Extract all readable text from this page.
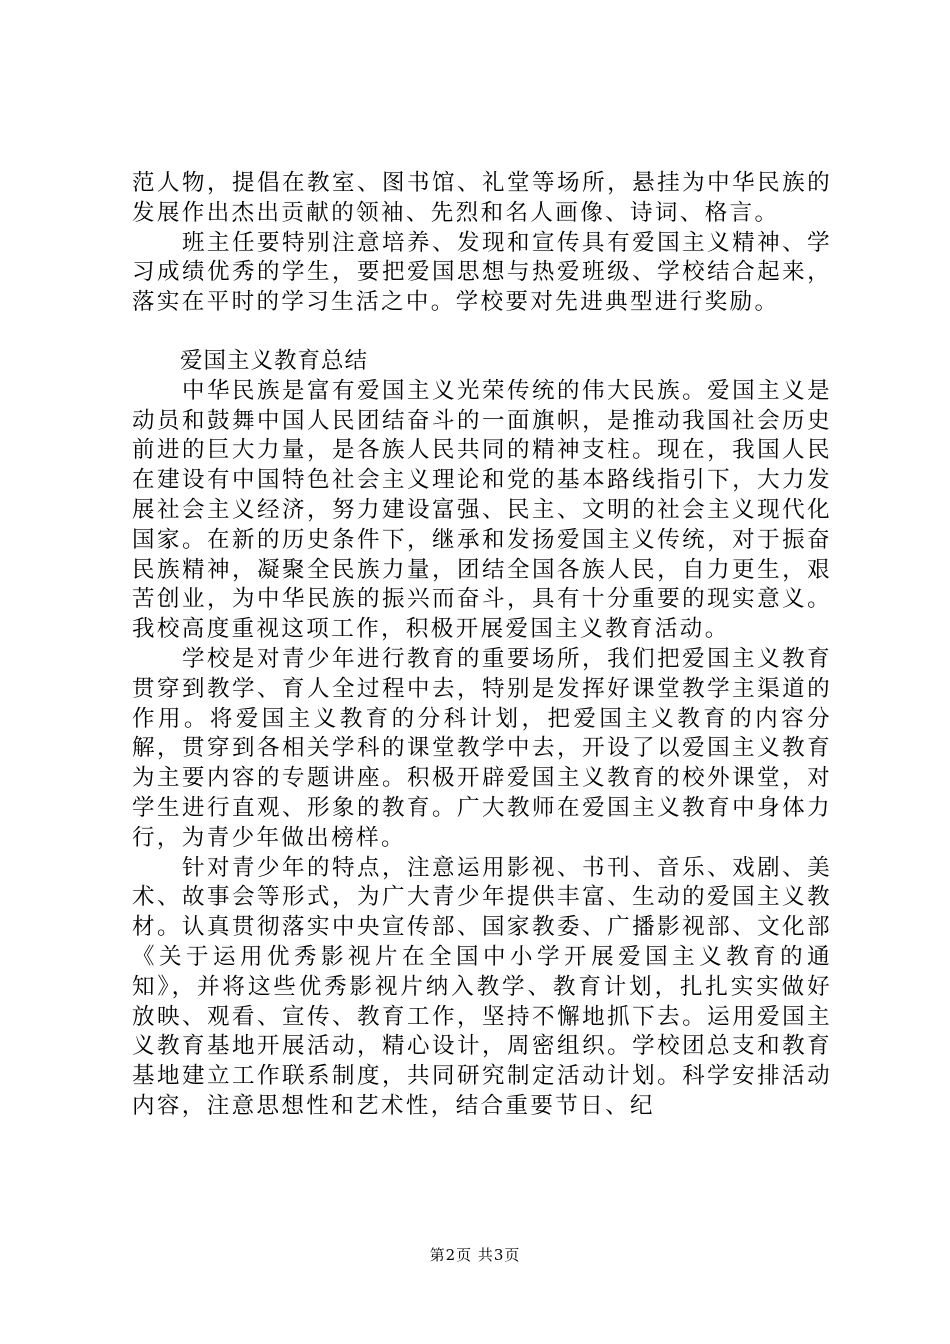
范人物，提倡在教室、图书馆、礼堂等场所，悬挂为中华民族的发展作出杰出贡献的领袖、先烈和名人画像、诗词、格言。

班主任要特别注意培养、发现和宣传具有爱国主义精神、学习成绩优秀的学生，要把爱国思想与热爱班级、学校结合起来，落实在平时的学习生活之中。学校要对先进典型进行奖励。

爱国主义教育总结

中华民族是富有爱国主义光荣传统的伟大民族。爱国主义是动员和鼓舞中国人民团结奋斗的一面旗帜，是推动我国社会历史前进的巨大力量，是各族人民共同的精神支柱。现在，我国人民在建设有中国特色社会主义理论和党的基本路线指引下，大力发展社会主义经济，努力建设富强、民主、文明的社会主义现代化国家。在新的历史条件下，继承和发扬爱国主义传统，对于振奋民族精神，凝聚全民族力量，团结全国各族人民，自力更生，艰苦创业，为中华民族的振兴而奋斗，具有十分重要的现实意义。我校高度重视这项工作，积极开展爱国主义教育活动。

学校是对青少年进行教育的重要场所，我们把爱国主义教育贯穿到教学、育人全过程中去，特别是发挥好课堂教学主渠道的作用。将爱国主义教育的分科计划，把爱国主义教育的内容分解，贯穿到各相关学科的课堂教学中去，开设了以爱国主义教育为主要内容的专题讲座。积极开辟爱国主义教育的校外课堂，对学生进行直观、形象的教育。广大教师在爱国主义教育中身体力行，为青少年做出榜样。

针对青少年的特点，注意运用影视、书刊、音乐、戏剧、美术、故事会等形式，为广大青少年提供丰富、生动的爱国主义教材。认真贯彻落实中央宣传部、国家教委、广播影视部、文化部《关于运用优秀影视片在全国中小学开展爱国主义教育的通知》，并将这些优秀影视片纳入教学、教育计划，扎扎实实做好放映、观看、宣传、教育工作，坚持不懈地抓下去。运用爱国主义教育基地开展活动，精心设计，周密组织。学校团总支和教育基地建立工作联系制度，共同研究制定活动计划。科学安排活动内容，注意思想性和艺术性，结合重要节日、纪

第2页 共3页
